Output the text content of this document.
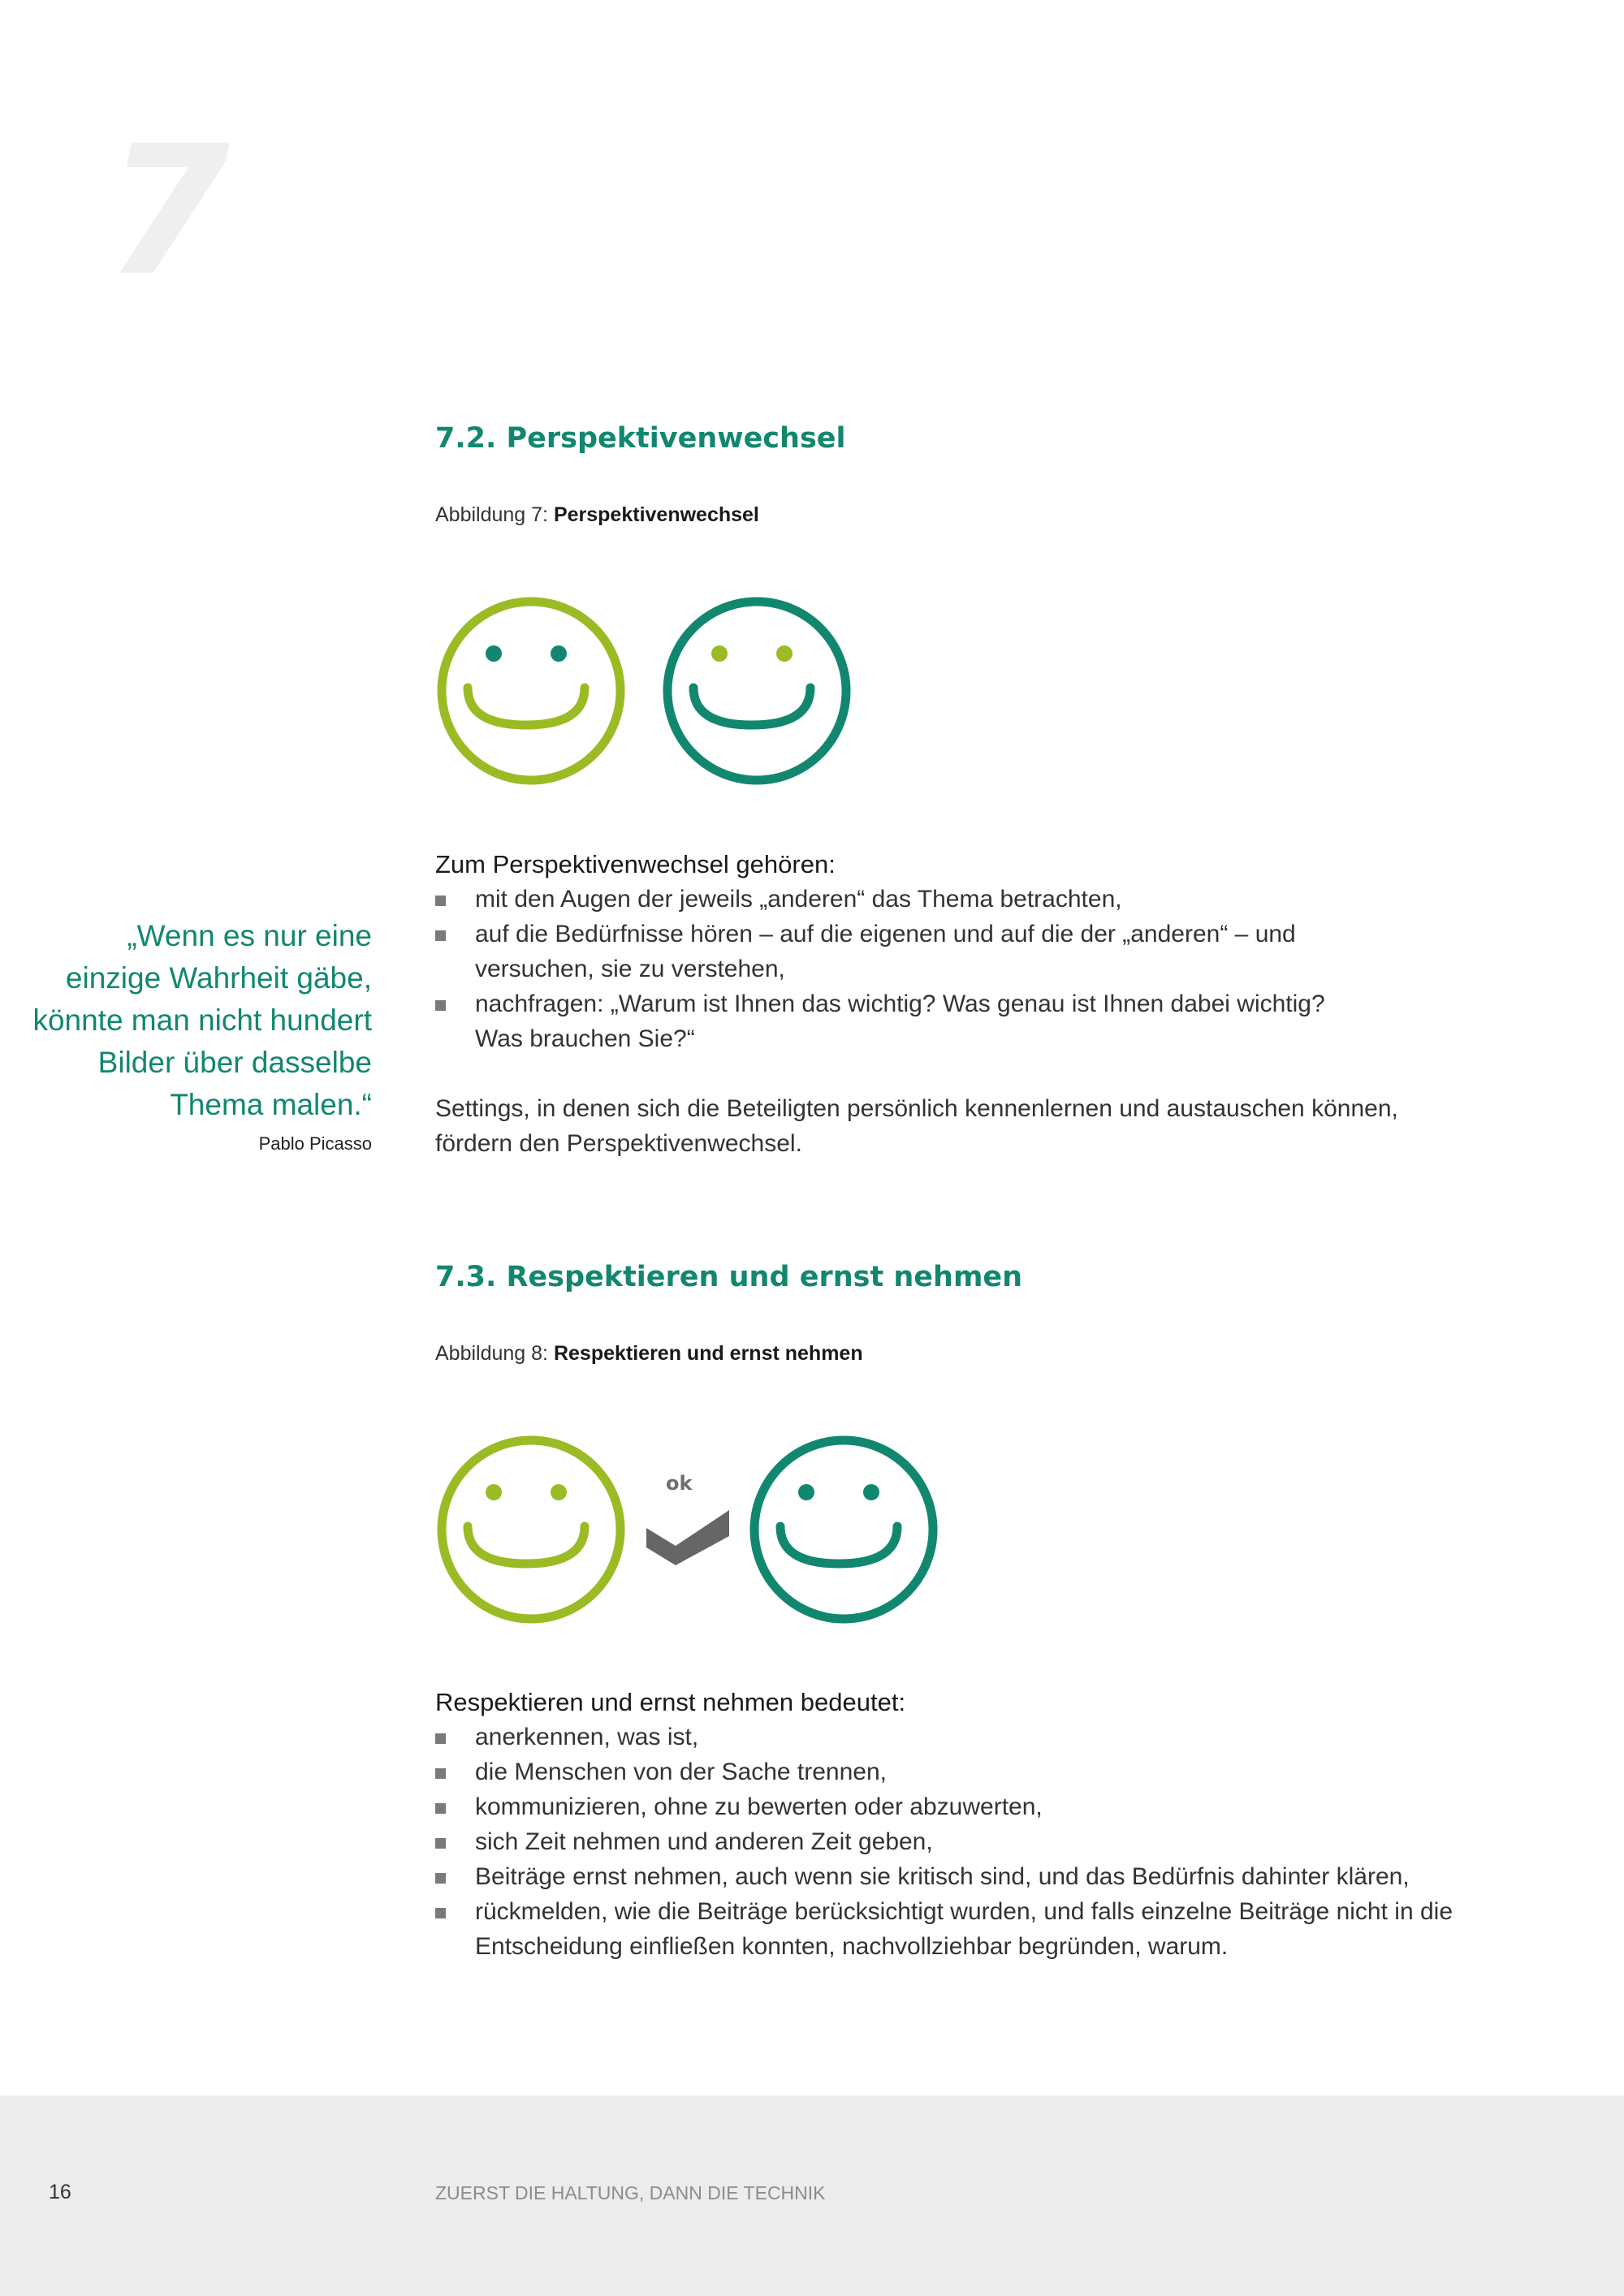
7
7.2. Perspektivenwechsel
Abbildung 7: Perspektivenwechsel
Zum Perspektivenwechsel gehören:
mit den Augen der jeweils „anderen“ das Thema betrachten,
auf die Bedürfnisse hören – auf die eigenen und auf die der „anderen“ – und versuchen, sie zu verstehen,
nachfragen: „Warum ist Ihnen das wichtig? Was genau ist Ihnen dabei wichtig? Was brauchen Sie?“
Settings, in denen sich die Beteiligten persönlich kennenlernen und austauschen können, fördern den Perspektivenwechsel.
„Wenn es nur eine einzige Wahrheit gäbe, könnte man nicht hundert Bilder über dasselbe Thema malen.“
Pablo Picasso
7.3. Respektieren und ernst nehmen
Abbildung 8: Respektieren und ernst nehmen
ok
Respektieren und ernst nehmen bedeutet:
anerkennen, was ist,
die Menschen von der Sache trennen,
kommunizieren, ohne zu bewerten oder abzuwerten,
sich Zeit nehmen und anderen Zeit geben,
Beiträge ernst nehmen, auch wenn sie kritisch sind, und das Bedürfnis dahinter klären,
rückmelden, wie die Beiträge berücksichtigt wurden, und falls einzelne Beiträge nicht in die Entscheidung einfließen konnten, nachvollziehbar begründen, warum.
16	ZUERST DIE HALTUNG, DANN DIE TECHNIK
